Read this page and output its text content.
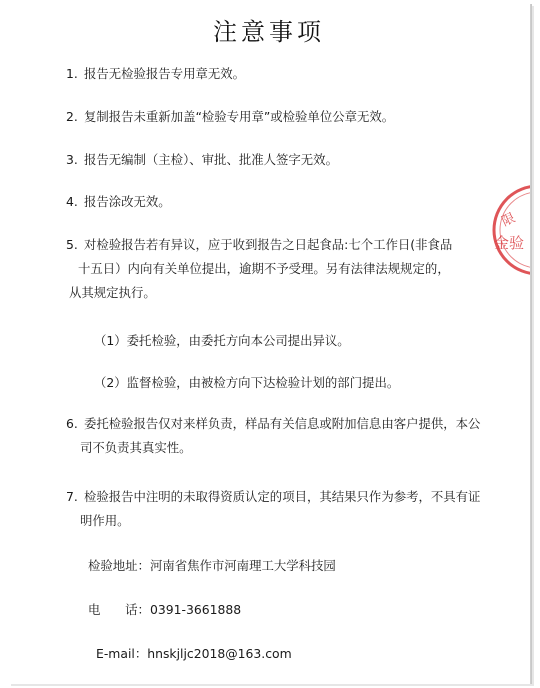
注意事项
1. 报告无检验报告专用章无效。
2. 复制报告未重新加盖“检验专用章”或检验单位公章无效。
3. 报告无编制（主检）、审批、批准人签字无效。
4. 报告涂改无效。
5. 对检验报告若有异议，应于收到报告之日起食品:七个工作日(非食品
十五日）内向有关单位提出，逾期不予受理。另有法律法规规定的，
从其规定执行。
（1）委托检验，由委托方向本公司提出异议。
（2）监督检验，由被检方向下达检验计划的部门提出。
6. 委托检验报告仅对来样负责，样品有关信息或附加信息由客户提供，本公
司不负责其真实性。
7. 检验报告中注明的未取得资质认定的项目，其结果只作为参考，不具有证
明作用。
检验地址：河南省焦作市河南理工大学科技园
电　　话：0391-3661888
E-mail：hnskjljc2018@163.com
限
金验
